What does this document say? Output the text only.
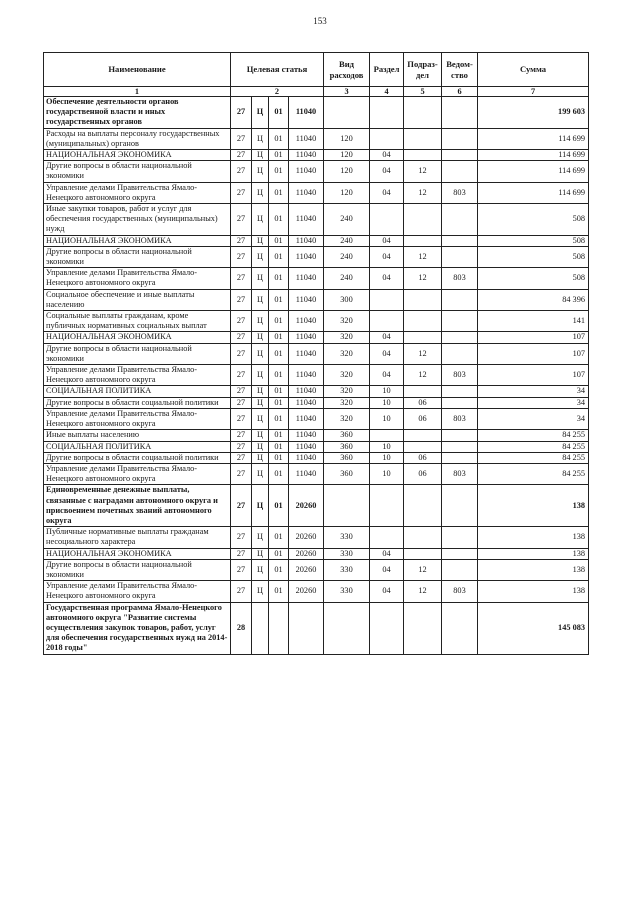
153
Наименование	Целевая статья				Вид расходов	Раздел	Подраз-дел	Ведом-ство	Сумма
1	2				3	4	5	6	7
Обеспечение деятельности органов государственной власти и иных государственных органов	27	Ц	01	11040					199 603
Расходы на выплаты персоналу государственных (муниципальных) органов	27	Ц	01	11040	120				114 699
НАЦИОНАЛЬНАЯ ЭКОНОМИКА	27	Ц	01	11040	120	04			114 699
Другие вопросы в области национальной экономики	27	Ц	01	11040	120	04	12		114 699
Управление делами Правительства Ямало-Ненецкого автономного округа	27	Ц	01	11040	120	04	12	803	114 699
Иные закупки товаров, работ и услуг для обеспечения государственных (муниципальных) нужд	27	Ц	01	11040	240				508
НАЦИОНАЛЬНАЯ ЭКОНОМИКА	27	Ц	01	11040	240	04			508
Другие вопросы в области национальной экономики	27	Ц	01	11040	240	04	12		508
Управление делами Правительства Ямало-Ненецкого автономного округа	27	Ц	01	11040	240	04	12	803	508
Социальное обеспечение и иные выплаты населению	27	Ц	01	11040	300				84 396
Социальные выплаты гражданам, кроме публичных нормативных социальных выплат	27	Ц	01	11040	320				141
НАЦИОНАЛЬНАЯ ЭКОНОМИКА	27	Ц	01	11040	320	04			107
Другие вопросы в области национальной экономики	27	Ц	01	11040	320	04	12		107
Управление делами Правительства Ямало-Ненецкого автономного округа	27	Ц	01	11040	320	04	12	803	107
СОЦИАЛЬНАЯ ПОЛИТИКА	27	Ц	01	11040	320	10			34
Другие вопросы в области социальной политики	27	Ц	01	11040	320	10	06		34
Управление делами Правительства Ямало-Ненецкого автономного округа	27	Ц	01	11040	320	10	06	803	34
Иные выплаты населению	27	Ц	01	11040	360				84 255
СОЦИАЛЬНАЯ ПОЛИТИКА	27	Ц	01	11040	360	10			84 255
Другие вопросы в области социальной политики	27	Ц	01	11040	360	10	06		84 255
Управление делами Правительства Ямало-Ненецкого автономного округа	27	Ц	01	11040	360	10	06	803	84 255
Единовременные денежные выплаты, связанные с наградами автономного округа и присвоением почетных званий автономного округа	27	Ц	01	20260					138
Публичные нормативные выплаты гражданам несоциального характера	27	Ц	01	20260	330				138
НАЦИОНАЛЬНАЯ ЭКОНОМИКА	27	Ц	01	20260	330	04			138
Другие вопросы в области национальной экономики	27	Ц	01	20260	330	04	12		138
Управление делами Правительства Ямало-Ненецкого автономного округа	27	Ц	01	20260	330	04	12	803	138
Государственная программа Ямало-Ненецкого автономного округа "Развитие системы осуществления закупок товаров, работ, услуг для обеспечения государственных нужд на 2014-2018 годы"	28								145 083
